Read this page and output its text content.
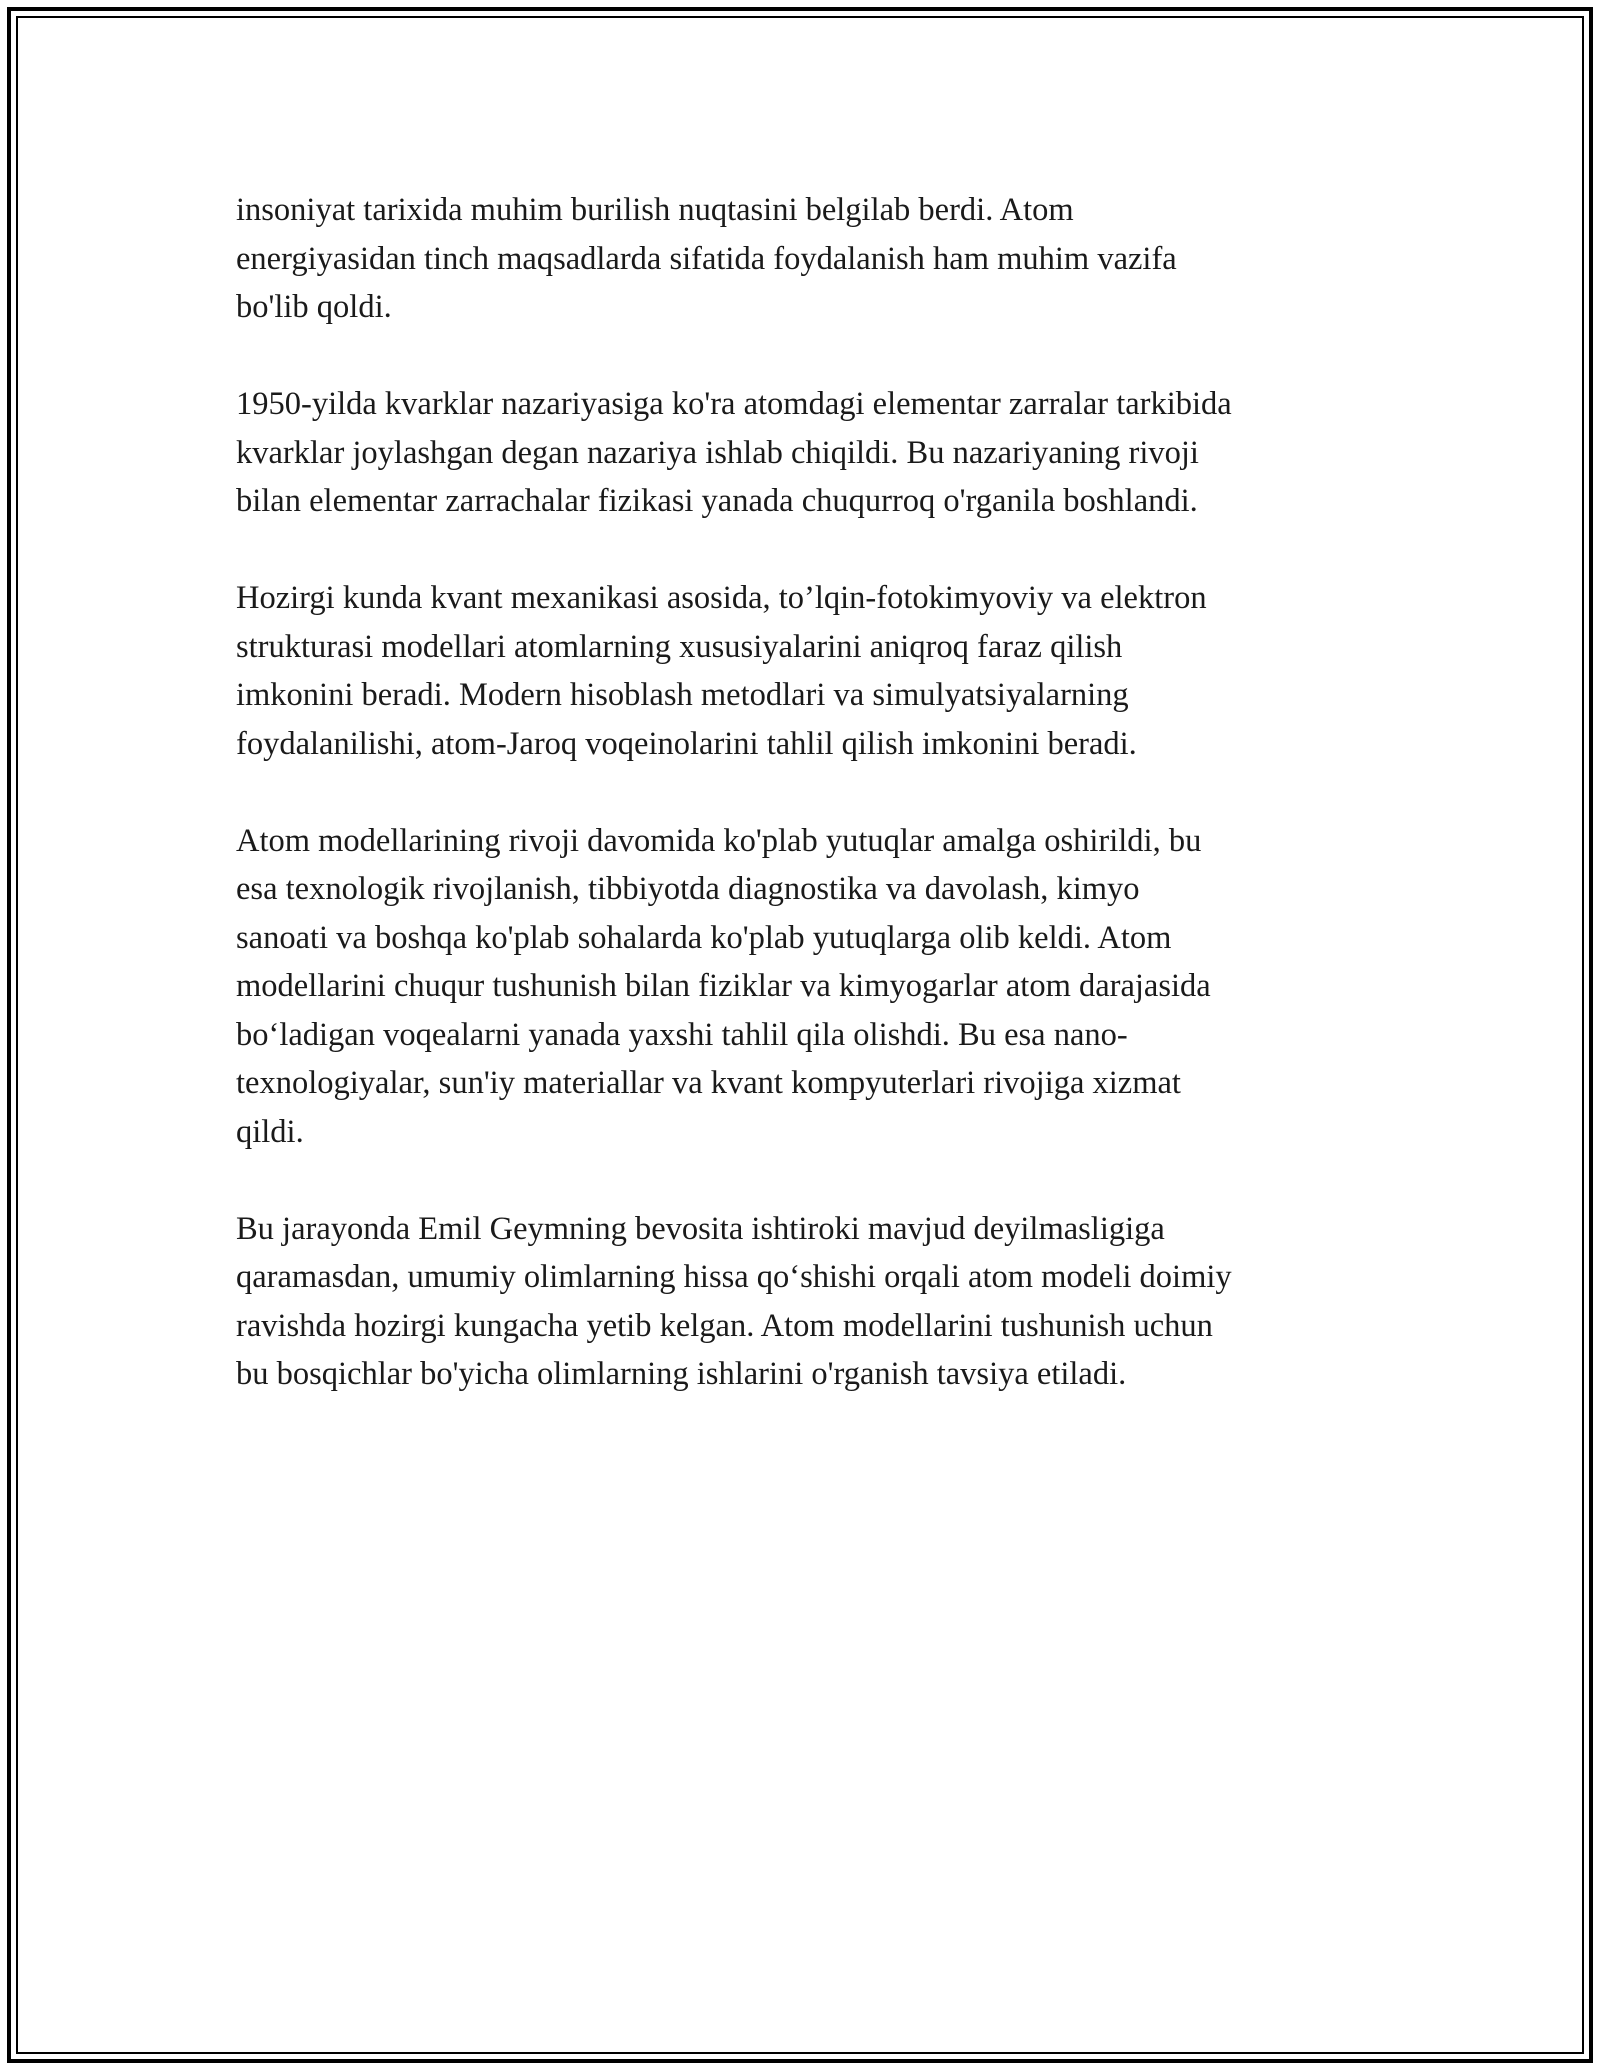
insoniyat tarixida muhim burilish nuqtasini belgilab berdi. Atom
energiyasidan tinch maqsadlarda sifatida foydalanish ham muhim vazifa
bo'lib qoldi.

1950-yilda kvarklar nazariyasiga ko'ra atomdagi elementar zarralar tarkibida
kvarklar joylashgan degan nazariya ishlab chiqildi. Bu nazariyaning rivoji
bilan elementar zarrachalar fizikasi yanada chuqurroq o'rganila boshlandi.

Hozirgi kunda kvant mexanikasi asosida, to’lqin-fotokimyoviy va elektron
strukturasi modellari atomlarning xususiyalarini aniqroq faraz qilish
imkonini beradi. Modern hisoblash metodlari va simulyatsiyalarning
foydalanilishi, atom-Jaroq voqeinolarini tahlil qilish imkonini beradi.

Atom modellarining rivoji davomida ko'plab yutuqlar amalga oshirildi, bu
esa texnologik rivojlanish, tibbiyotda diagnostika va davolash, kimyo
sanoati va boshqa ko'plab sohalarda ko'plab yutuqlarga olib keldi. Atom
modellarini chuqur tushunish bilan fiziklar va kimyogarlar atom darajasida
bo‘ladigan voqealarni yanada yaxshi tahlil qila olishdi. Bu esa nano-
texnologiyalar, sun'iy materiallar va kvant kompyuterlari rivojiga xizmat
qildi.

Bu jarayonda Emil Geymning bevosita ishtiroki mavjud deyilmasligiga
qaramasdan, umumiy olimlarning hissa qo‘shishi orqali atom modeli doimiy
ravishda hozirgi kungacha yetib kelgan. Atom modellarini tushunish uchun
bu bosqichlar bo'yicha olimlarning ishlarini o'rganish tavsiya etiladi.
